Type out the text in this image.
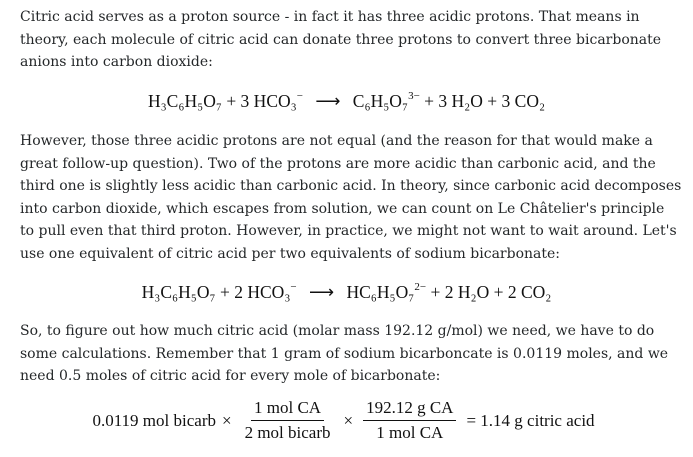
Citric acid serves as a proton source - in fact it has three acidic protons. That means in theory, each molecule of citric acid can donate three protons to convert three bicarbonate anions into carbon dioxide:

H₃C₆H₅O₇ + 3 HCO₃− ⟶ C₆H₅O₇$^{3-}$ + 3 H₂O + 3 CO₂

However, those three acidic protons are not equal (and the reason for that would make a great follow-up question). Two of the protons are more acidic than carbonic acid, and the third one is slightly less acidic than carbonic acid. In theory, since carbonic acid decomposes into carbon dioxide, which escapes from solution, we can count on Le Châtelier's principle to pull even that third proton. However, in practice, we might not want to wait around. Let's use one equivalent of citric acid per two equivalents of sodium bicarbonate:

H₃C₆H₅O₇ + 2 HCO₃− ⟶ HC₆H₅O₇$^{2-}$ + 2 H₂O + 2 CO₂

So, to figure out how much citric acid (molar mass 192.12 g/mol) we need, we have to do some calculations. Remember that 1 gram of sodium bicarboncate is 0.0119 moles, and we need 0.5 moles of citric acid for every mole of bicarbonate:

0.0119 mol bicarb × $\frac{\text{1 mol CA}}{\text{2 mol bicarb}} \times \frac{\text{192.12 g CA}}{\text{1 mol CA}} = 1.14$ g citric acid
